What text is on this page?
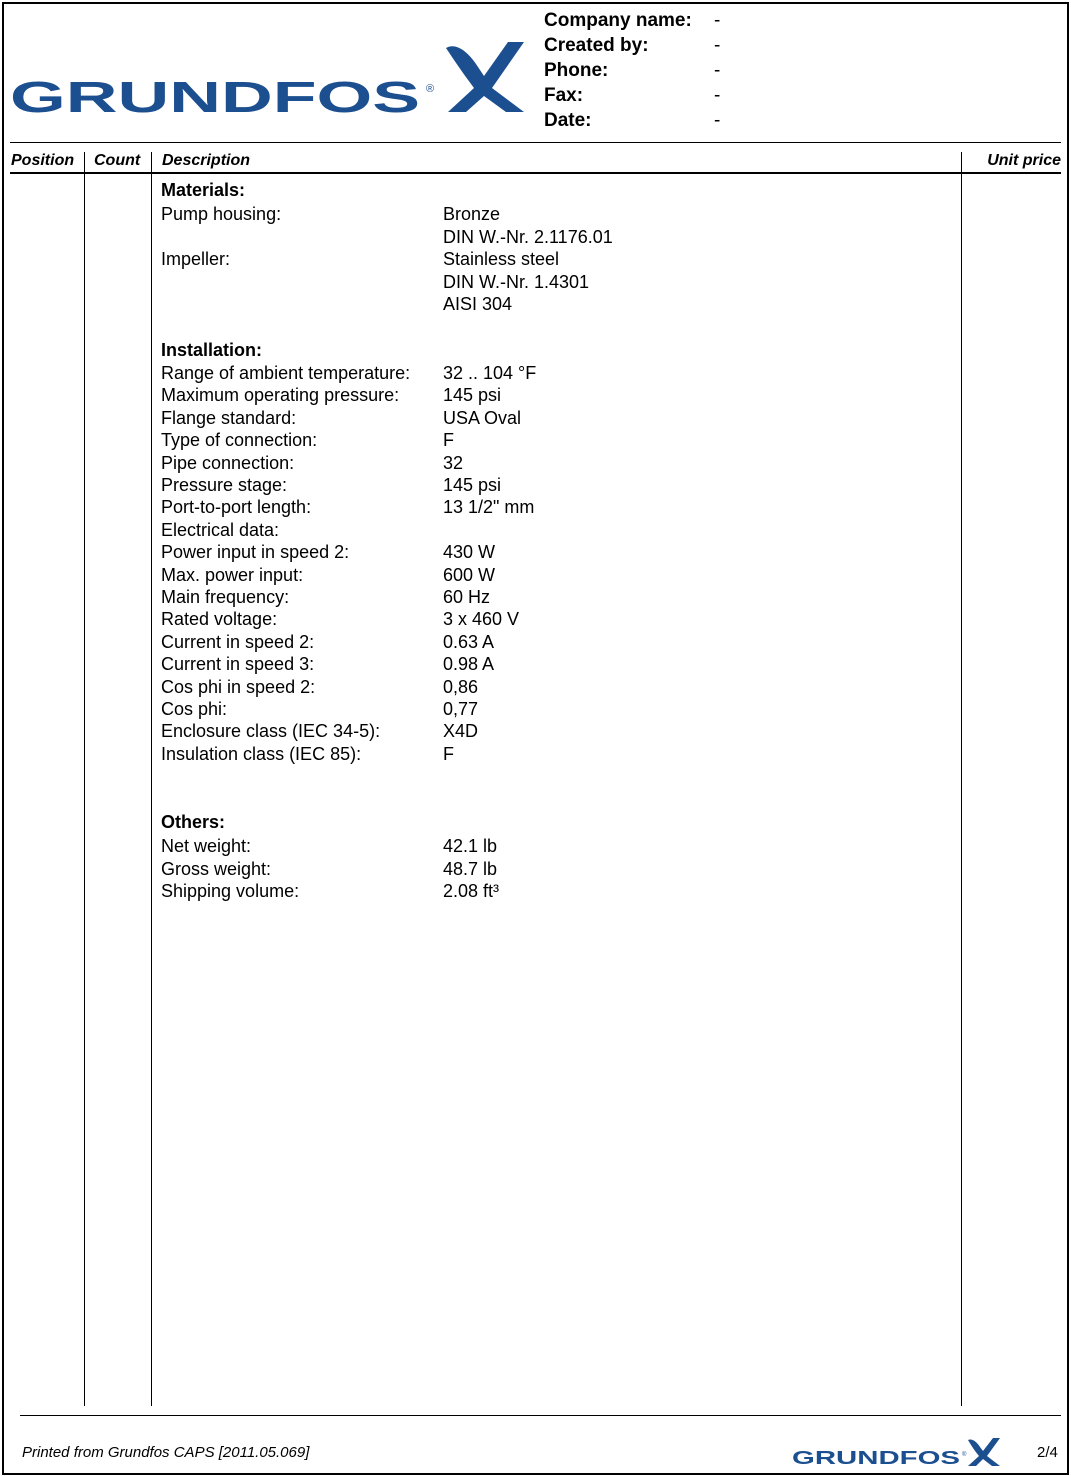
GRUNDFOS ®
Company name: -
Created by:	-
Phone:	-
Fax:	-
Date:	-
Position Count Description	Unit price
Materials:
Pump housing:	Bronze
DIN W.-Nr. 2.1176.01
Impeller:	Stainless steel
DIN W.-Nr. 1.4301
AISI 304
Installation:
Range of ambient temperature: 32 .. 104 °F
Maximum operating pressure: 145 psi
Flange standard:	USA Oval
Type of connection:	F
Pipe connection:	32
Pressure stage:	145 psi
Port-to-port length:	13 1/2" mm
Electrical data:
Power input in speed 2:	430 W
Max. power input:	600 W
Main frequency:	60 Hz
Rated voltage:	3 x 460 V
Current in speed 2:	0.63 A
Current in speed 3:	0.98 A
Cos phi in speed 2:	0,86
Cos phi:	0,77
Enclosure class (IEC 34-5):	X4D
Insulation class (IEC 85):	F
Others:
Net weight:	42.1 lb
Gross weight:	48.7 lb
Shipping volume:	2.08 ft³
Printed from Grundfos CAPS [2011.05.069]	GRUNDFOS ®	2/4
